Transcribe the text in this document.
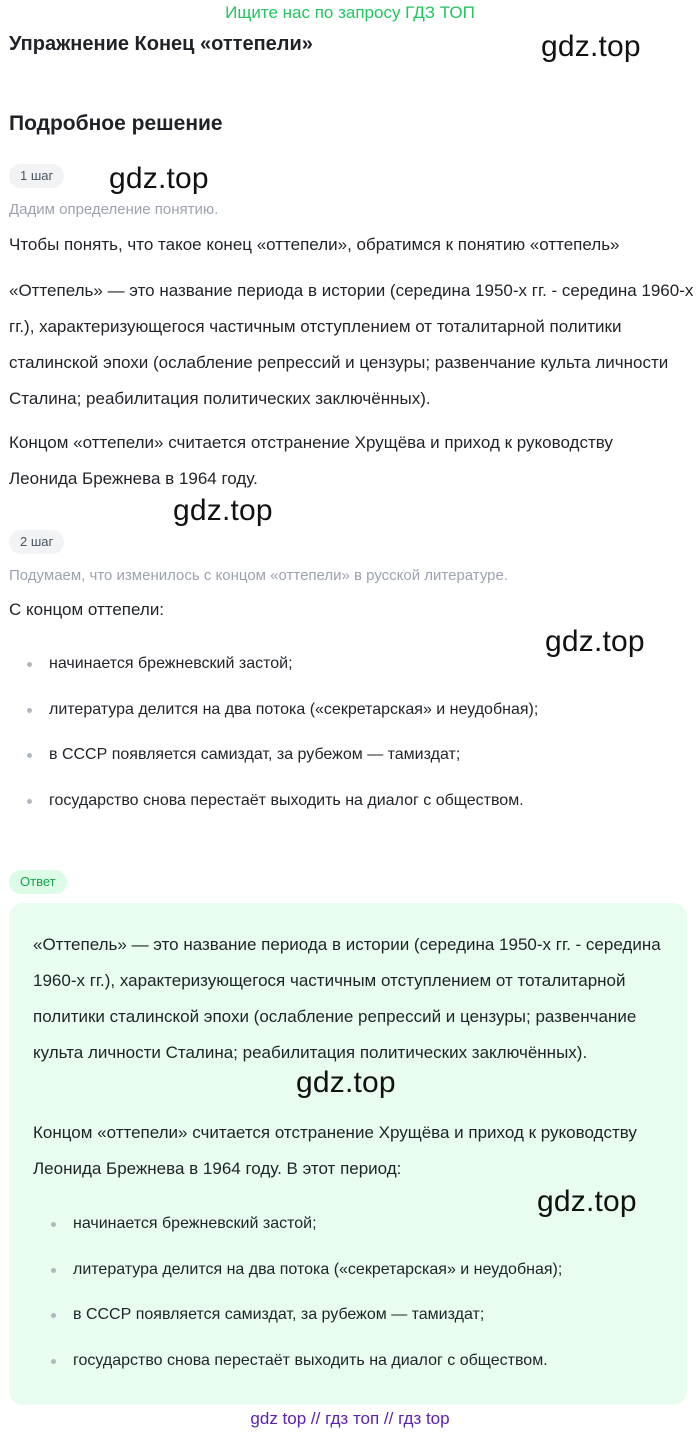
Ищите нас по запросу ГДЗ ТОП
Упражнение Конец «оттепели»	gdz.top
Подробное решение
1 шаг	gdz.top
Дадим определение понятию.

Чтобы понять, что такое конец «оттепели», обратимся к понятию «оттепель»

«Оттепель» — это название периода в истории (середина 1950-х гг. - середина 1960-х гг.), характеризующегося частичным отступлением от тоталитарной политики сталинской эпохи (ослабление репрессий и цензуры; развенчание культа личности Сталина; реабилитация политических заключённых).

Концом «оттепели» считается отстранение Хрущёва и приход к руководству Леонида Брежнева в 1964 году.

gdz.top
2 шаг
Подумаем, что изменилось с концом «оттепели» в русской литературе.

С концом оттепели:

gdz.top
начинается брежневский застой;
литература делится на два потока («секретарская» и неудобная);
в СССР появляется самиздат, за рубежом — тамиздат;
государство снова перестаёт выходить на диалог с обществом.
Ответ

«Оттепель» — это название периода в истории (середина 1950-х гг. - середина 1960-х гг.), характеризующегося частичным отступлением от тоталитарной политики сталинской эпохи (ослабление репрессий и цензуры; развенчание культа личности Сталина; реабилитация политических заключённых).

Концом «оттепели» считается отстранение Хрущёва и приход к руководству Леонида Брежнева в 1964 году. В этот период:

начинается брежневский застой;
литература делится на два потока («секретарская» и неудобная);
в СССР появляется самиздат, за рубежом — тамиздат;
государство снова перестаёт выходить на диалог с обществом.
gdz.top
gdz.top
gdz top // гдз топ // гдз top
